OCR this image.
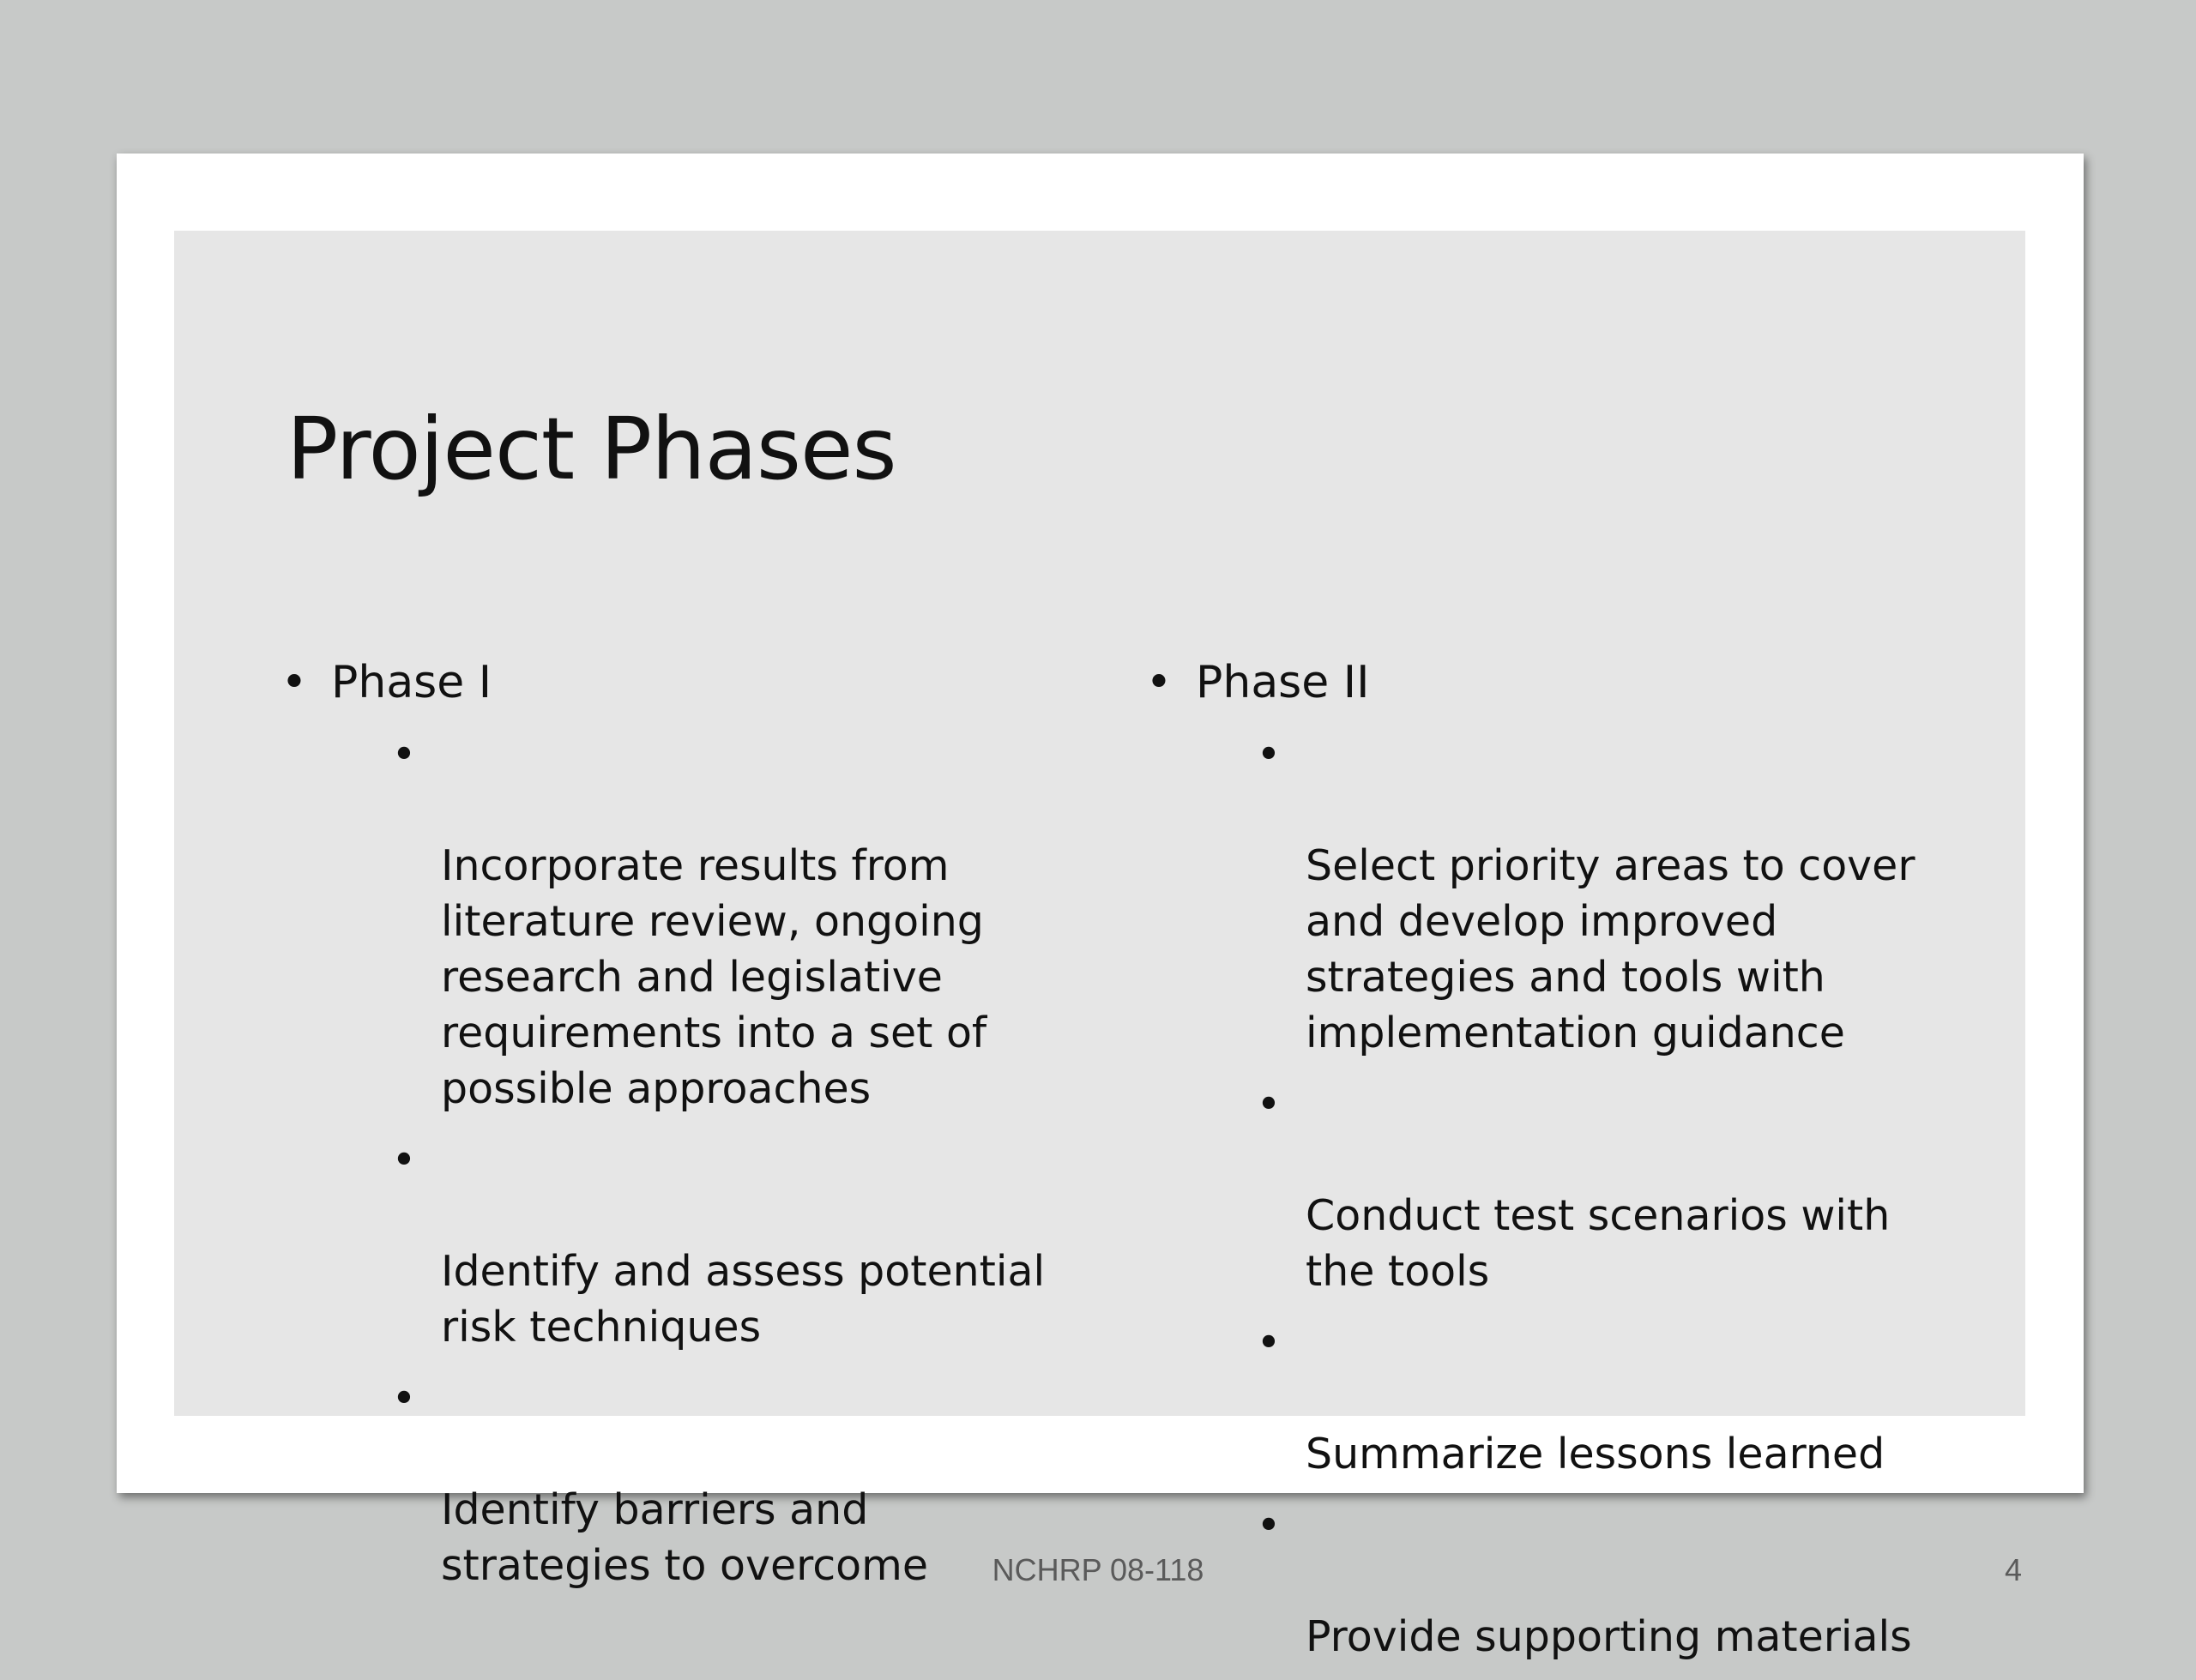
Project Phases
• Phase I

•

Incorporate results from
literature review, ongoing
research and legislative
requirements into a set of
possible approaches

•

Identify and assess potential
risk techniques

•

Identify barriers and
strategies to overcome

• Phase II

•

Select priority areas to cover
and develop improved
strategies and tools with
implementation guidance

•

Conduct test scenarios with
the tools

•

Summarize lessons learned

•

Provide supporting materials

NCHRP 08-118	4
